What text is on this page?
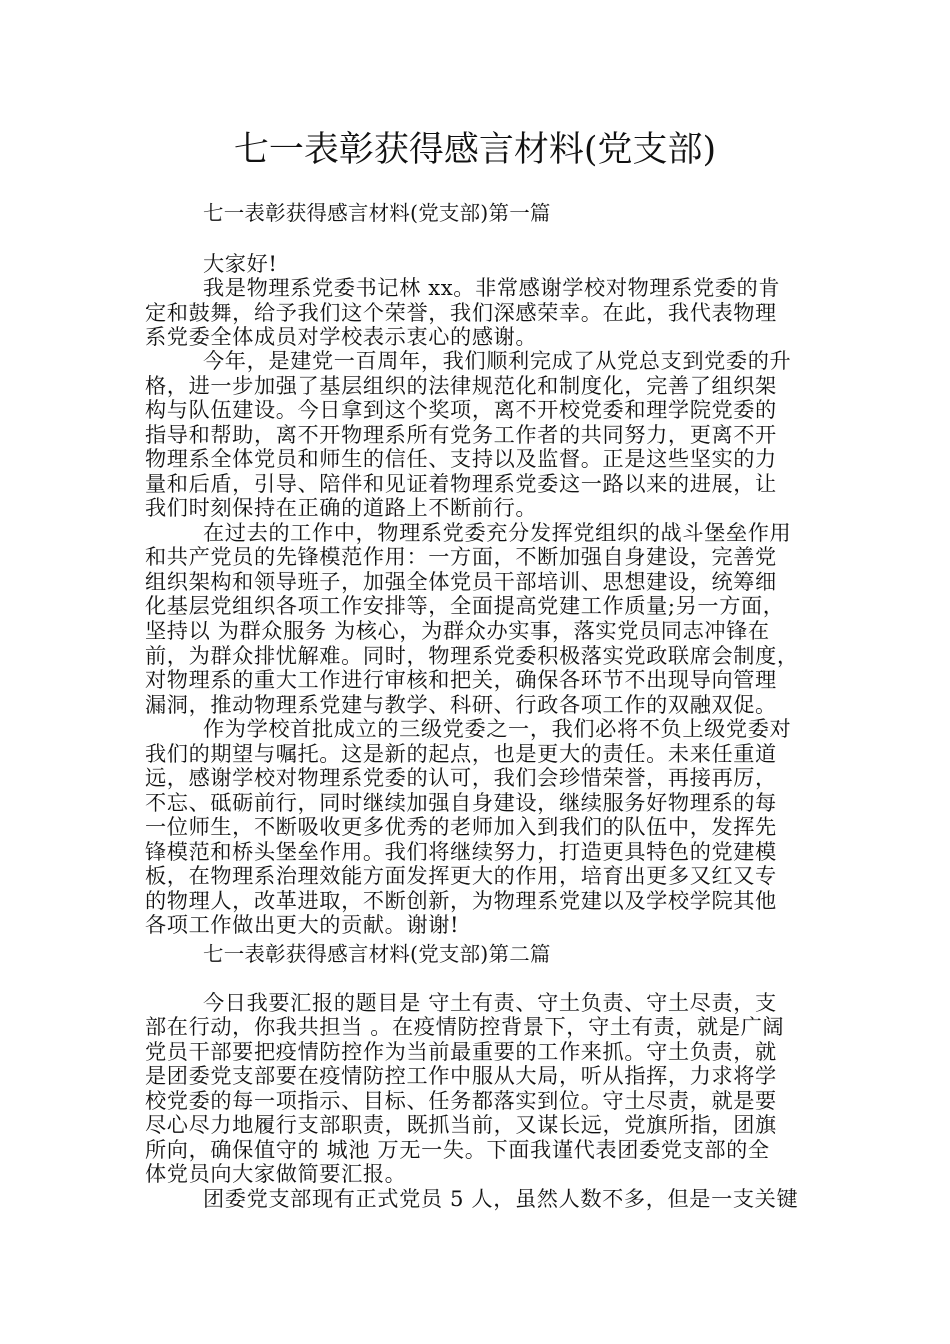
七一表彰获得感言材料(党支部)
七一表彰获得感言材料(党支部)第一篇
大家好!
我是物理系党委书记林 xx。非常感谢学校对物理系党委的肯
定和鼓舞，给予我们这个荣誉，我们深感荣幸。在此，我代表物理
系党委全体成员对学校表示衷心的感谢。
今年，是建党一百周年，我们顺利完成了从党总支到党委的升
格，进一步加强了基层组织的法律规范化和制度化，完善了组织架
构与队伍建设。今日拿到这个奖项，离不开校党委和理学院党委的
指导和帮助，离不开物理系所有党务工作者的共同努力，更离不开
物理系全体党员和师生的信任、支持以及监督。正是这些坚实的力
量和后盾，引导、陪伴和见证着物理系党委这一路以来的进展，让
我们时刻保持在正确的道路上不断前行。
在过去的工作中，物理系党委充分发挥党组织的战斗堡垒作用
和共产党员的先锋模范作用：一方面，不断加强自身建设，完善党
组织架构和领导班子，加强全体党员干部培训、思想建设，统筹细
化基层党组织各项工作安排等，全面提高党建工作质量;另一方面，
坚持以 为群众服务 为核心，为群众办实事，落实党员同志冲锋在
前，为群众排忧解难。同时，物理系党委积极落实党政联席会制度，
对物理系的重大工作进行审核和把关，确保各环节不出现导向管理
漏洞，推动物理系党建与教学、科研、行政各项工作的双融双促。
作为学校首批成立的三级党委之一，我们必将不负上级党委对
我们的期望与嘱托。这是新的起点，也是更大的责任。未来任重道
远，感谢学校对物理系党委的认可，我们会珍惜荣誉，再接再厉，
不忘、砥砺前行，同时继续加强自身建设，继续服务好物理系的每
一位师生，不断吸收更多优秀的老师加入到我们的队伍中，发挥先
锋模范和桥头堡垒作用。我们将继续努力，打造更具特色的党建模
板，在物理系治理效能方面发挥更大的作用，培育出更多又红又专
的物理人，改革进取，不断创新，为物理系党建以及学校学院其他
各项工作做出更大的贡献。谢谢!
七一表彰获得感言材料(党支部)第二篇
今日我要汇报的题目是 守土有责、守土负责、守土尽责，支
部在行动，你我共担当 。在疫情防控背景下，守土有责，就是广阔
党员干部要把疫情防控作为当前最重要的工作来抓。守土负责，就
是团委党支部要在疫情防控工作中服从大局，听从指挥，力求将学
校党委的每一项指示、目标、任务都落实到位。守土尽责，就是要
尽心尽力地履行支部职责，既抓当前，又谋长远，党旗所指，团旗
所向，确保值守的 城池 万无一失。下面我谨代表团委党支部的全
体党员向大家做简要汇报。
团委党支部现有正式党员 5 人，虽然人数不多，但是一支关键
